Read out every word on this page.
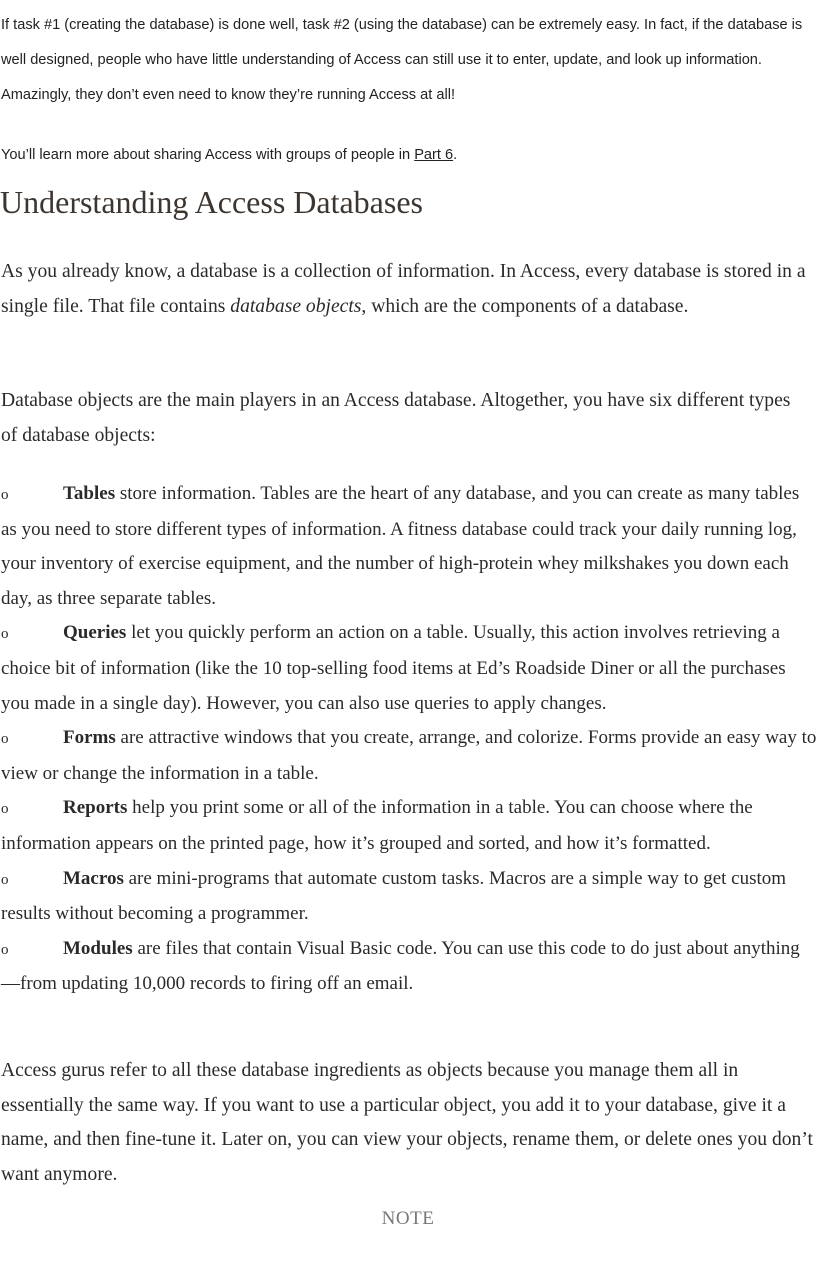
If task #1 (creating the database) is done well, task #2 (using the database) can be extremely easy. In fact, if the database is well designed, people who have little understanding of Access can still use it to enter, update, and look up information. Amazingly, they don’t even need to know they’re running Access at all!

You’ll learn more about sharing Access with groups of people in Part 6.

Understanding Access Databases

As you already know, a database is a collection of information. In Access, every database is stored in a single file. That file contains database objects, which are the components of a database.

Database objects are the main players in an Access database. Altogether, you have six different types of database objects:

o	Tables store information. Tables are the heart of any database, and you can create as many tables as you need to store different types of information. A fitness database could track your daily running log, your inventory of exercise equipment, and the number of high-protein whey milkshakes you down each day, as three separate tables.
o	Queries let you quickly perform an action on a table. Usually, this action involves retrieving a choice bit of information (like the 10 top-selling food items at Ed’s Roadside Diner or all the purchases you made in a single day). However, you can also use queries to apply changes.
o	Forms are attractive windows that you create, arrange, and colorize. Forms provide an easy way to view or change the information in a table.
o	Reports help you print some or all of the information in a table. You can choose where the information appears on the printed page, how it’s grouped and sorted, and how it’s formatted.
o	Macros are mini-programs that automate custom tasks. Macros are a simple way to get custom results without becoming a programmer.
o	Modules are files that contain Visual Basic code. You can use this code to do just about anything—from updating 10,000 records to firing off an email.

Access gurus refer to all these database ingredients as objects because you manage them all in essentially the same way. If you want to use a particular object, you add it to your database, give it a name, and then fine-tune it. Later on, you can view your objects, rename them, or delete ones you don’t want anymore.

NOTE
